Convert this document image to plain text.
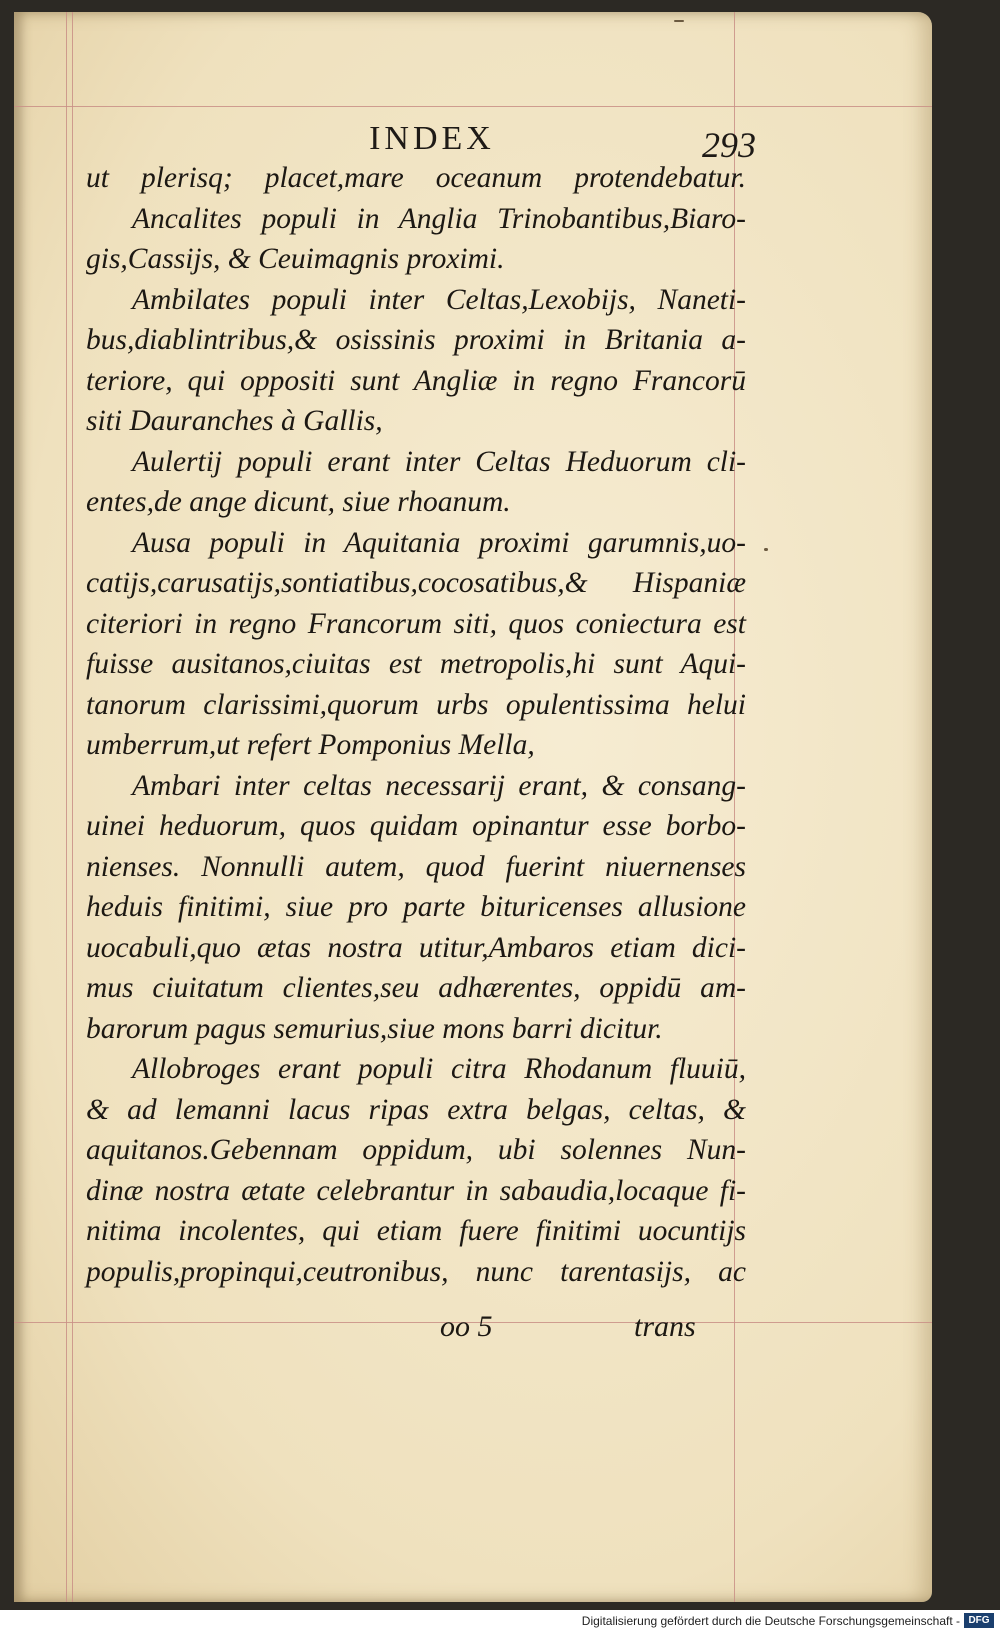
INDEX	293
ut plerisq; placet,mare oceanum protendebatur.
Ancalites populi in Anglia Trinobantibus,Biaro-
gis,Cassijs, & Ceuimagnis proximi.
Ambilates populi inter Celtas,Lexobijs, Naneti-
bus,diablintribus,& osissinis proximi in Britania a-
teriore, qui oppositi sunt Angliæ in regno Francorū
siti Dauranches à Gallis,
Aulertij populi erant inter Celtas Heduorum cli-
entes,de ange dicunt, siue rhoanum.
Ausa populi in Aquitania proximi garumnis,uo-
catijs,carusatijs,sontiatibus,cocosatibus,& Hispaniæ
citeriori in regno Francorum siti, quos coniectura est
fuisse ausitanos,ciuitas est metropolis,hi sunt Aqui-
tanorum clarissimi,quorum urbs opulentissima helui
umberrum,ut refert Pomponius Mella,
Ambari inter celtas necessarij erant, & consang-
uinei heduorum, quos quidam opinantur esse borbo-
nienses. Nonnulli autem, quod fuerint niuernenses
heduis finitimi, siue pro parte bituricenses allusione
uocabuli,quo ætas nostra utitur,Ambaros etiam dici-
mus ciuitatum clientes,seu adhærentes, oppidū am-
barorum pagus semurius,siue mons barri dicitur.
Allobroges erant populi citra Rhodanum fluuiū,
& ad lemanni lacus ripas extra belgas, celtas, &
aquitanos.Gebennam oppidum, ubi solennes Nun-
dinæ nostra ætate celebrantur in sabaudia,locaque fi-
nitima incolentes, qui etiam fuere finitimi uocuntijs
populis,propinqui,ceutronibus, nunc tarentasijs, ac
oo 5	trans
Digitalisierung gefördert durch die Deutsche Forschungsgemeinschaft - DFG
